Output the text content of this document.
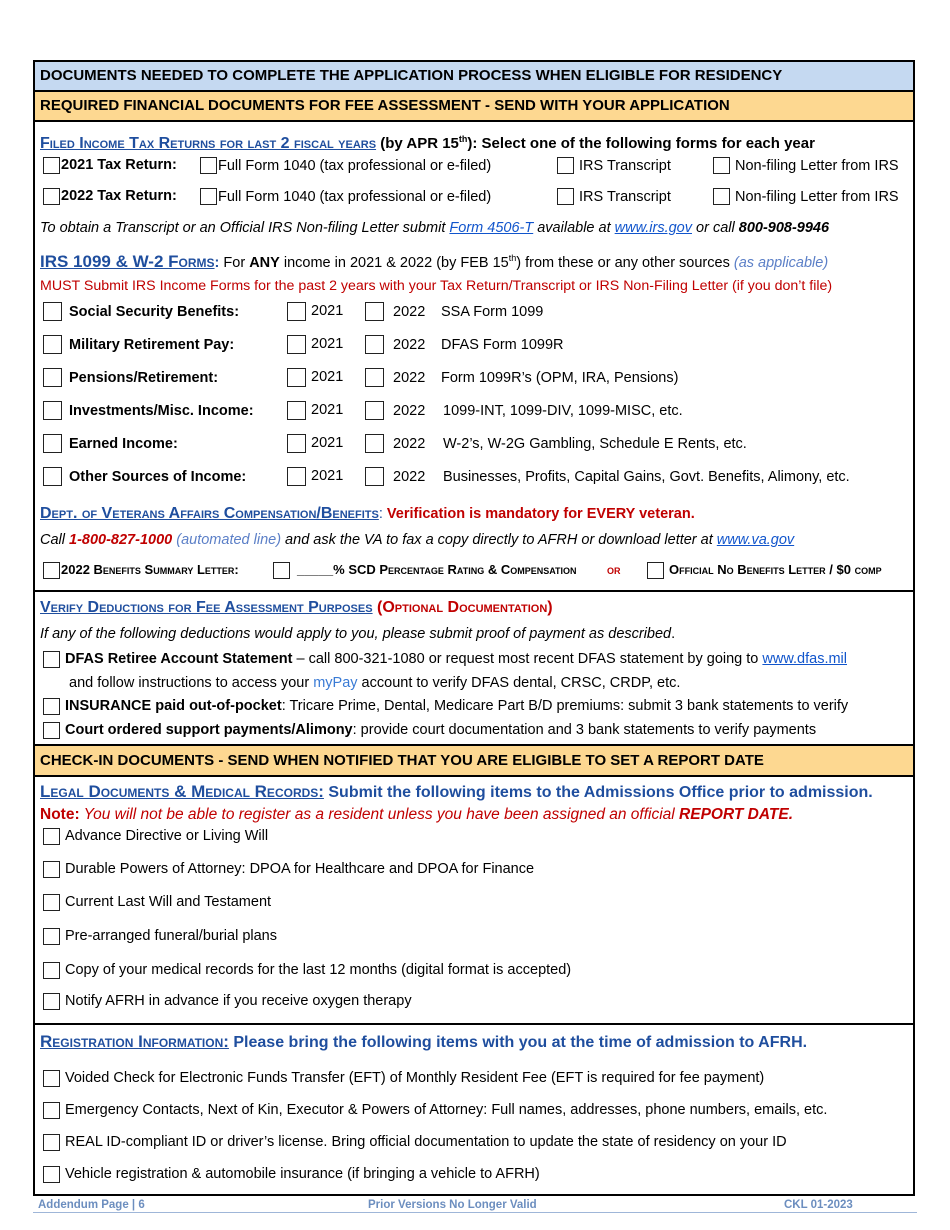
DOCUMENTS NEEDED TO COMPLETE THE APPLICATION PROCESS WHEN ELIGIBLE FOR RESIDENCY
REQUIRED FINANCIAL DOCUMENTS FOR FEE ASSESSMENT - SEND WITH YOUR APPLICATION
Filed Income Tax Returns for last 2 fiscal years (by APR 15th): Select one of the following forms for each year
2021 Tax Return:	Full Form 1040 (tax professional or e-filed)	IRS Transcript	Non-filing Letter from IRS
2022 Tax Return:	Full Form 1040 (tax professional or e-filed)	IRS Transcript	Non-filing Letter from IRS
To obtain a Transcript or an Official IRS Non-filing Letter submit Form 4506-T available at www.irs.gov or call 800-908-9946
IRS 1099 & W-2 Forms: For ANY income in 2021 & 2022 (by FEB 15th) from these or any other sources (as applicable)
MUST Submit IRS Income Forms for the past 2 years with your Tax Return/Transcript or IRS Non-Filing Letter (if you don’t file)
Social Security Benefits:	2021	2022 SSA Form 1099
Military Retirement Pay:	2021	2022 DFAS Form 1099R
Pensions/Retirement:	2021	2022 Form 1099R’s (OPM, IRA, Pensions)
Investments/Misc. Income:	2021	2022 1099-INT, 1099-DIV, 1099-MISC, etc.
Earned Income:	2021	2022 W-2’s, W-2G Gambling, Schedule E Rents, etc.
Other Sources of Income:	2021	2022 Businesses, Profits, Capital Gains, Govt. Benefits, Alimony, etc.
Dept. of Veterans Affairs Compensation/Benefits: Verification is mandatory for EVERY veteran.
Call 1-800-827-1000 (automated line) and ask the VA to fax a copy directly to AFRH or download letter at www.va.gov
2022 Benefits Summary Letter:	_____% SCD Percentage Rating & Compensation or	Official No Benefits Letter / $0 comp
Verify Deductions for Fee Assessment Purposes (Optional Documentation)
If any of the following deductions would apply to you, please submit proof of payment as described.
DFAS Retiree Account Statement – call 800-321-1080 or request most recent DFAS statement by going to www.dfas.mil
and follow instructions to access your myPay account to verify DFAS dental, CRSC, CRDP, etc.
INSURANCE paid out-of-pocket: Tricare Prime, Dental, Medicare Part B/D premiums: submit 3 bank statements to verify
Court ordered support payments/Alimony: provide court documentation and 3 bank statements to verify payments
CHECK-IN DOCUMENTS - SEND WHEN NOTIFIED THAT YOU ARE ELIGIBLE TO SET A REPORT DATE
Legal Documents & Medical Records: Submit the following items to the Admissions Office prior to admission.
Note: You will not be able to register as a resident unless you have been assigned an official REPORT DATE.
Advance Directive or Living Will
Durable Powers of Attorney: DPOA for Healthcare and DPOA for Finance
Current Last Will and Testament
Pre-arranged funeral/burial plans
Copy of your medical records for the last 12 months (digital format is accepted)
Notify AFRH in advance if you receive oxygen therapy
Registration Information: Please bring the following items with you at the time of admission to AFRH.
Voided Check for Electronic Funds Transfer (EFT) of Monthly Resident Fee (EFT is required for fee payment)
Emergency Contacts, Next of Kin, Executor & Powers of Attorney: Full names, addresses, phone numbers, emails, etc.
REAL ID-compliant ID or driver’s license. Bring official documentation to update the state of residency on your ID
Vehicle registration & automobile insurance (if bringing a vehicle to AFRH)
Addendum Page | 6	Prior Versions No Longer Valid	CKL 01-2023
